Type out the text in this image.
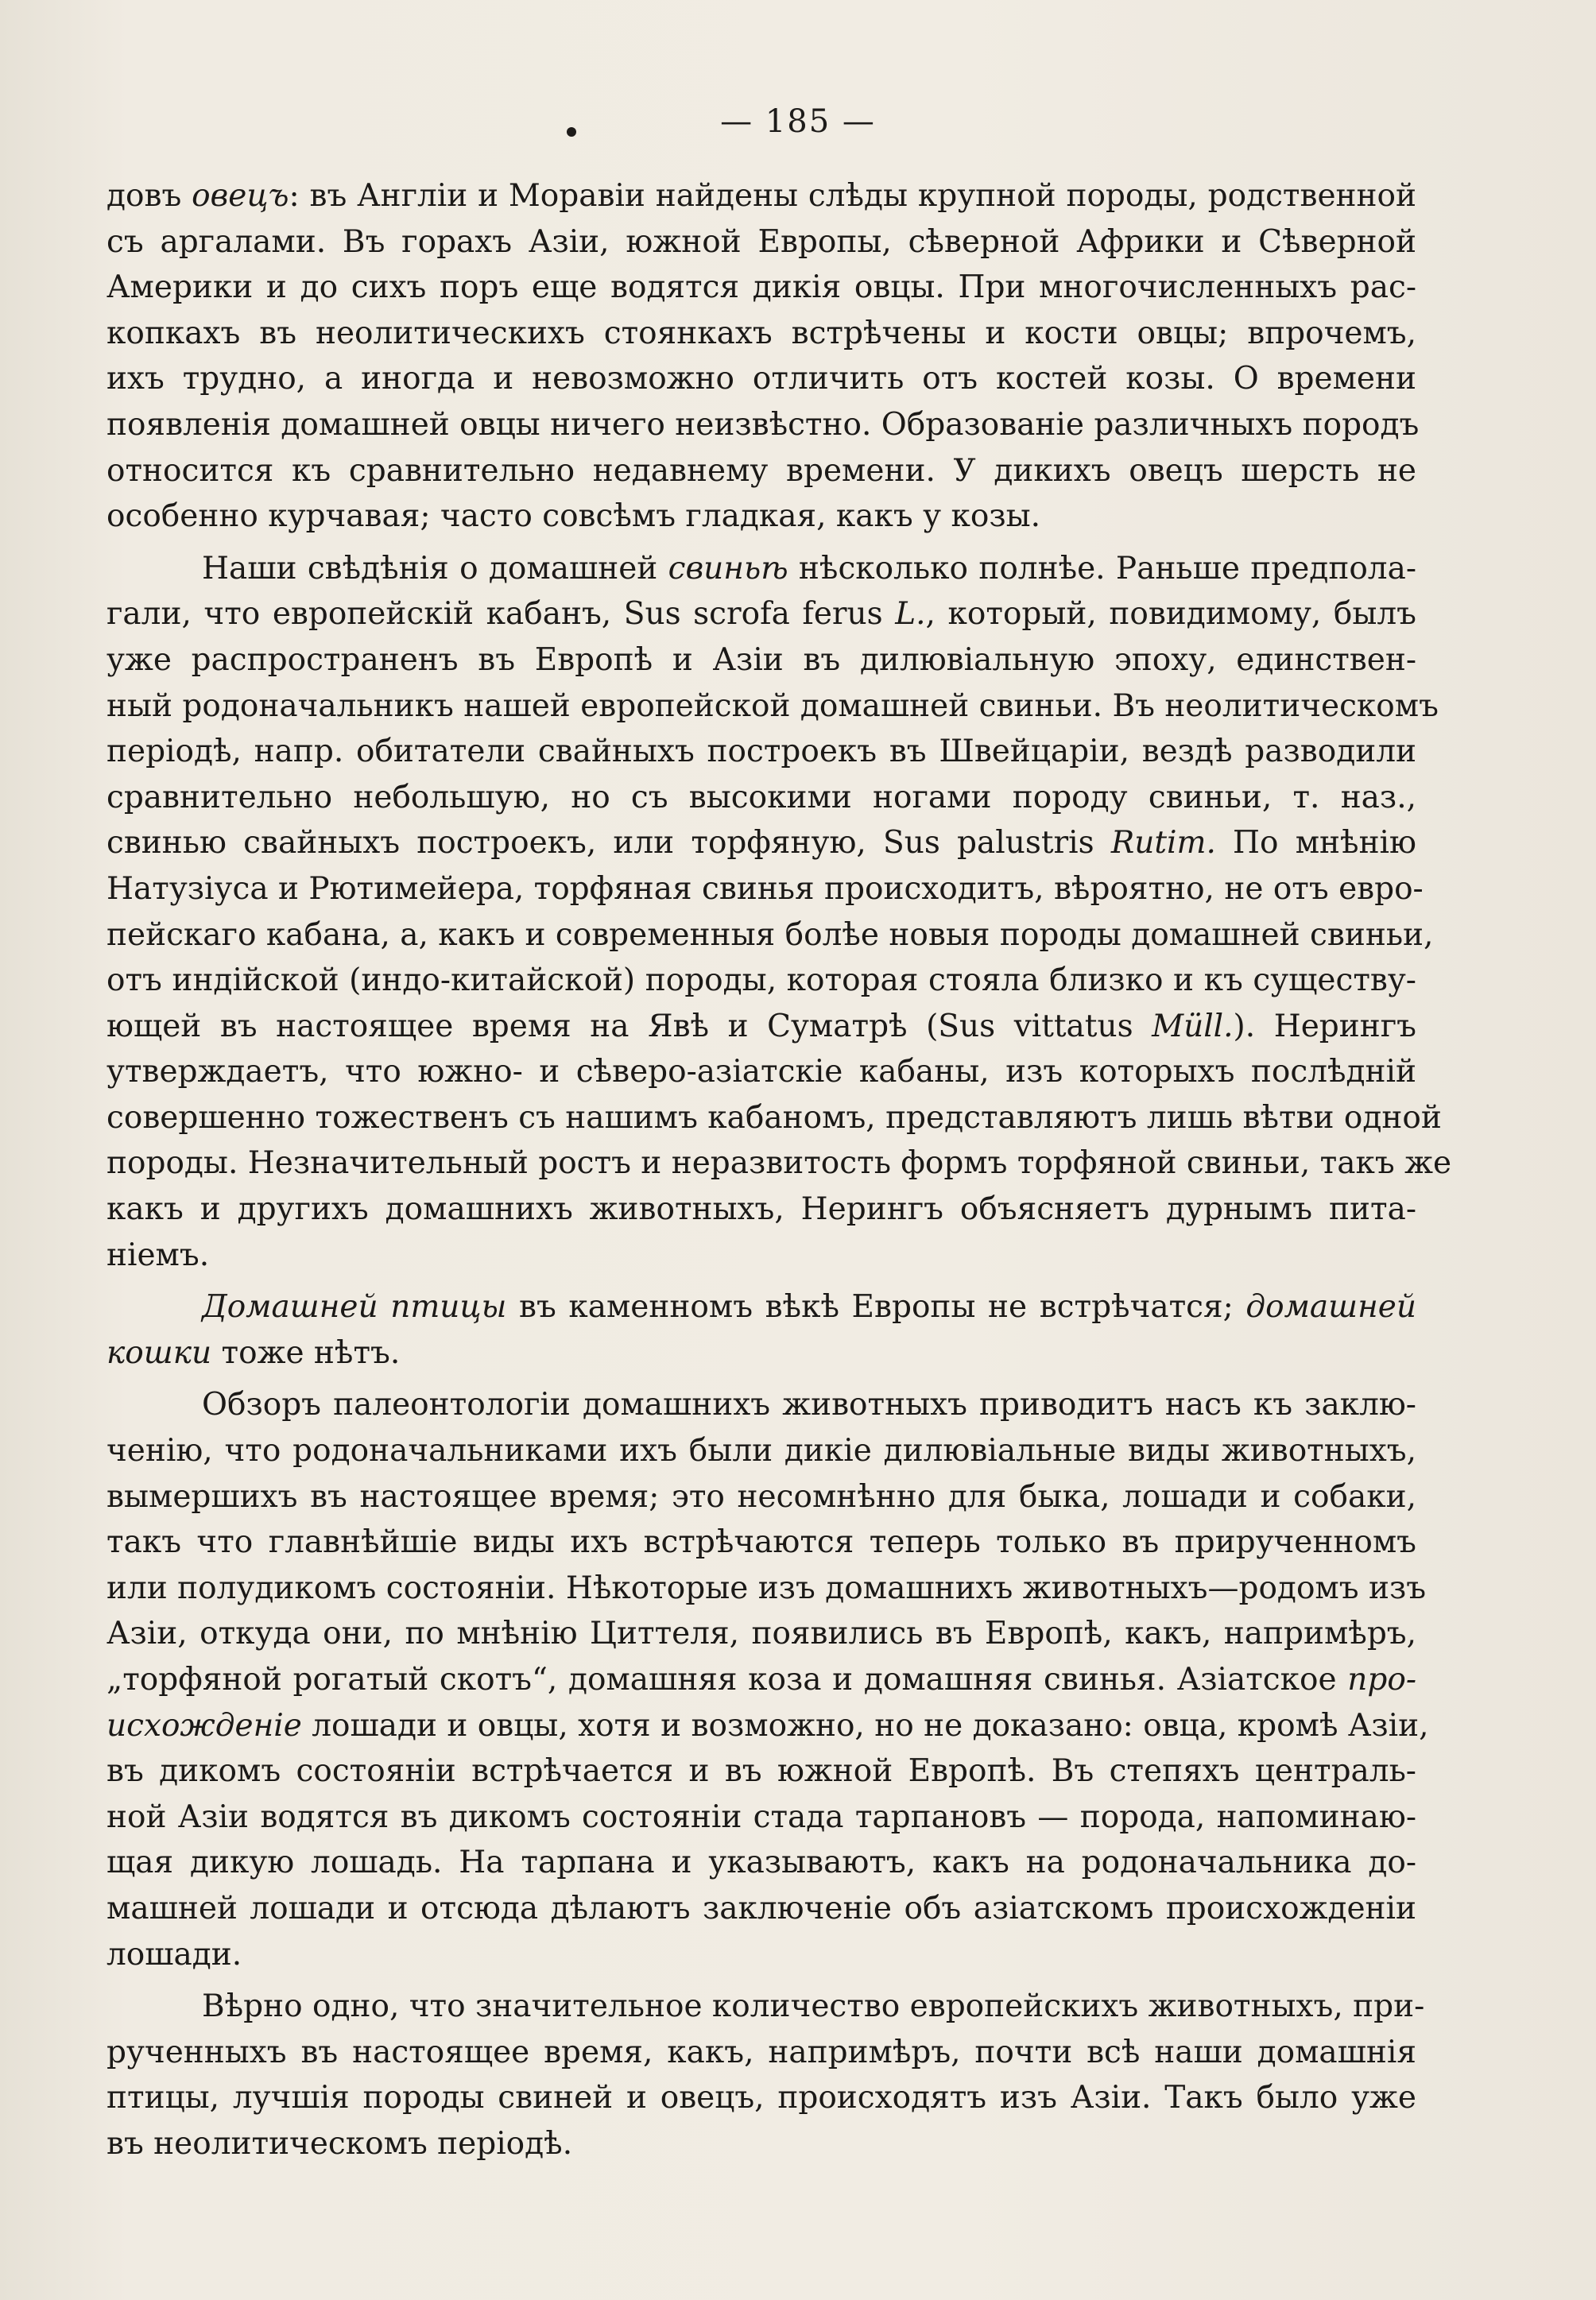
— 185 —

довъ овецъ: въ Англіи и Моравіи найдены слѣды крупной породы, родственной
съ аргалами. Въ горахъ Азіи, южной Европы, сѣверной Африки и Сѣверной
Америки и до сихъ поръ еще водятся дикія овцы. При многочисленныхъ рас-
копкахъ въ неолитическихъ стоянкахъ встрѣчены и кости овцы; впрочемъ,
ихъ трудно, а иногда и невозможно отличить отъ костей козы. О времени
появленія домашней овцы ничего неизвѣстно. Образованіе различныхъ породъ
относится къ сравнительно недавнему времени. У дикихъ овецъ шерсть не
особенно курчавая; часто совсѣмъ гладкая, какъ у козы.

Наши свѣдѣнія о домашней свиньѣ нѣсколько полнѣе. Раньше предпола-
гали, что европейскій кабанъ, Sus scrofa ferus L., который, повидимому, былъ
уже распространенъ въ Европѣ и Азіи въ дилювіальную эпоху, единствен-
ный родоначальникъ нашей европейской домашней свиньи. Въ неолитическомъ
періодѣ, напр. обитатели свайныхъ построекъ въ Швейцаріи, вездѣ разводили
сравнительно небольшую, но съ высокими ногами породу свиньи, т. наз.,
свинью свайныхъ построекъ, или торфяную, Sus palustris Rutim. По мнѣнію
Натузіуса и Рютимейера, торфяная свинья происходитъ, вѣроятно, не отъ евро-
пейскаго кабана, а, какъ и современныя болѣе новыя породы домашней свиньи,
отъ индійской (индо-китайской) породы, которая стояла близко и къ существу-
ющей въ настоящее время на Явѣ и Суматрѣ (Sus vittatus Müll.). Нерингъ
утверждаетъ, что южно- и сѣверо-азіатскіе кабаны, изъ которыхъ послѣдній
совершенно тожественъ съ нашимъ кабаномъ, представляютъ лишь вѣтви одной
породы. Незначительный ростъ и неразвитость формъ торфяной свиньи, такъ же
какъ и другихъ домашнихъ животныхъ, Нерингъ объясняетъ дурнымъ пита-
ніемъ.

Домашней птицы въ каменномъ вѣкѣ Европы не встрѣчатся; домашней
кошки тоже нѣтъ.

Обзоръ палеонтологіи домашнихъ животныхъ приводитъ насъ къ заклю-
ченію, что родоначальниками ихъ были дикіе дилювіальные виды животныхъ,
вымершихъ въ настоящее время; это несомнѣнно для быка, лошади и собаки,
такъ что главнѣйшіе виды ихъ встрѣчаются теперь только въ прирученномъ
или полудикомъ состояніи. Нѣкоторые изъ домашнихъ животныхъ—родомъ изъ
Азіи, откуда они, по мнѣнію Циттеля, появились въ Европѣ, какъ, напримѣръ,
„торфяной рогатый скотъ“, домашняя коза и домашняя свинья. Азіатское про-
исхожденіе лошади и овцы, хотя и возможно, но не доказано: овца, кромѣ Азіи,
въ дикомъ состояніи встрѣчается и въ южной Европѣ. Въ степяхъ централь-
ной Азіи водятся въ дикомъ состояніи стада тарпановъ — порода, напоминаю-
щая дикую лошадь. На тарпана и указываютъ, какъ на родоначальника до-
машней лошади и отсюда дѣлаютъ заключеніе объ азіатскомъ происхожденіи
лошади.

Вѣрно одно, что значительное количество европейскихъ животныхъ, при-
рученныхъ въ настоящее время, какъ, напримѣръ, почти всѣ наши домашнія
птицы, лучшія породы свиней и овецъ, происходятъ изъ Азіи. Такъ было уже
въ неолитическомъ періодѣ.
